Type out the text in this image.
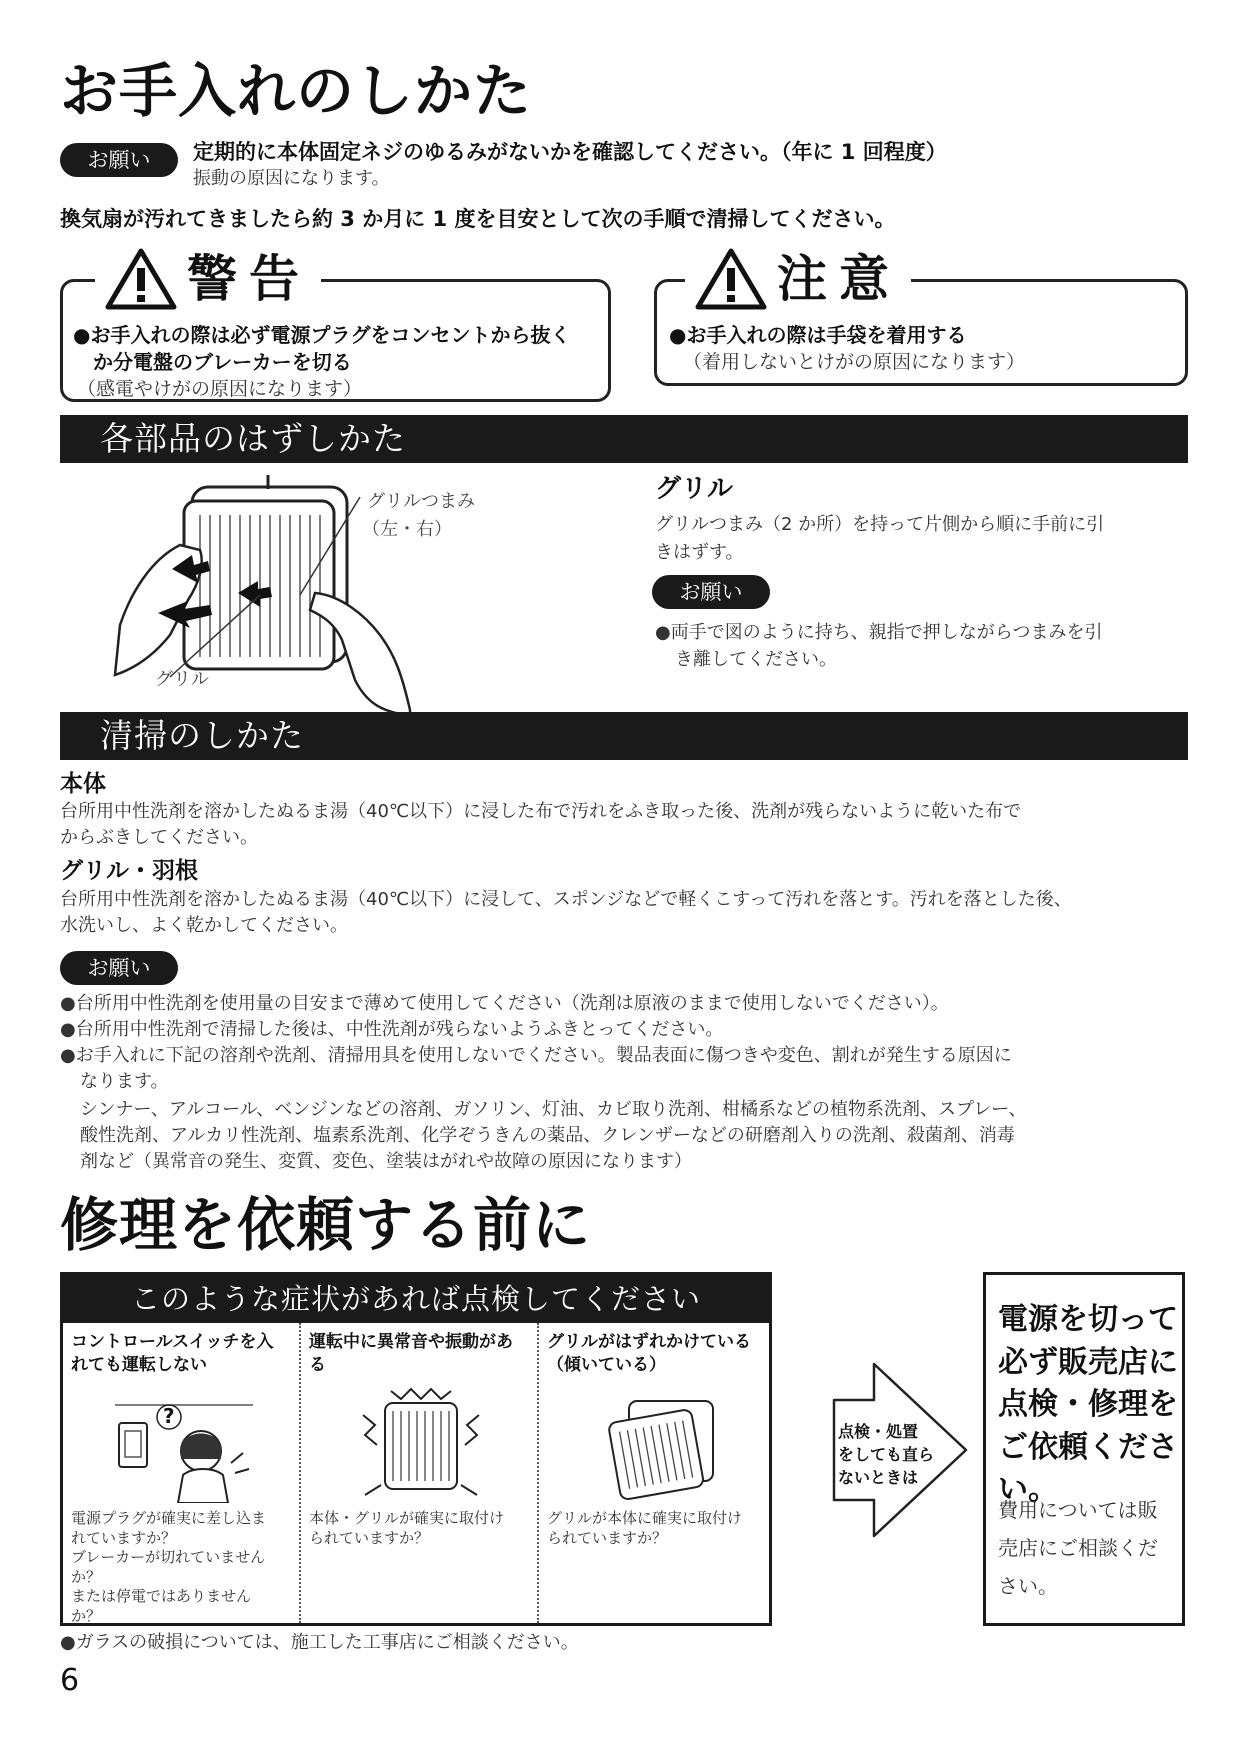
お手入れのしかた
お願い	定期的に本体固定ネジのゆるみがないかを確認してください。（年に 1 回程度）
振動の原因になります。
換気扇が汚れてきましたら約 3 か月に 1 度を目安として次の手順で清掃してください。
●お手入れの際は必ず電源プラグをコンセントから抜く
か分電盤のブレーカーを切る
（感電やけがの原因になります）
警告
●お手入れの際は手袋を着用する
（着用しないとけがの原因になります）
注意
各部品のはずしかた
グリルつまみ
（左・右）
グリル
グリル
グリルつまみ（2 か所）を持って片側から順に手前に引
きはずす。
お願い
●両手で図のように持ち、親指で押しながらつまみを引
き離してください。
清掃のしかた
本体
台所用中性洗剤を溶かしたぬるま湯（40℃以下）に浸した布で汚れをふき取った後、洗剤が残らないように乾いた布で
からぶきしてください。
グリル・羽根
台所用中性洗剤を溶かしたぬるま湯（40℃以下）に浸して、スポンジなどで軽くこすって汚れを落とす。汚れを落とした後、
水洗いし、よく乾かしてください。
お願い
●台所用中性洗剤を使用量の目安まで薄めて使用してください（洗剤は原液のままで使用しないでください）。
●台所用中性洗剤で清掃した後は、中性洗剤が残らないようふきとってください。
●お手入れに下記の溶剤や洗剤、清掃用具を使用しないでください。製品表面に傷つきや変色、割れが発生する原因に
なります。
シンナー、アルコール、ベンジンなどの溶剤、ガソリン、灯油、カビ取り洗剤、柑橘系などの植物系洗剤、スプレー、
酸性洗剤、アルカリ性洗剤、塩素系洗剤、化学ぞうきんの薬品、クレンザーなどの研磨剤入りの洗剤、殺菌剤、消毒
剤など（異常音の発生、変質、変色、塗装はがれや故障の原因になります）
修理を依頼する前に
このような症状があれば点検してください
コントロールスイッチを入
れても運転しない
?
電源プラグが確実に差し込ま
れていますか？
ブレーカーが切れていません
か？
または停電ではありません
か？
運転中に異常音や振動があ
る
本体・グリルが確実に取付け
られていますか？
グリルがはずれかけている
（傾いている）
グリルが本体に確実に取付け
られていますか？
点検・処置
をしても直ら
ないときは
電源を切って
必ず販売店に
点検・修理を
ご依頼くださ
い。
費用については販
売店にご相談くだ
さい。
●ガラスの破損については、施工した工事店にご相談ください。
6
